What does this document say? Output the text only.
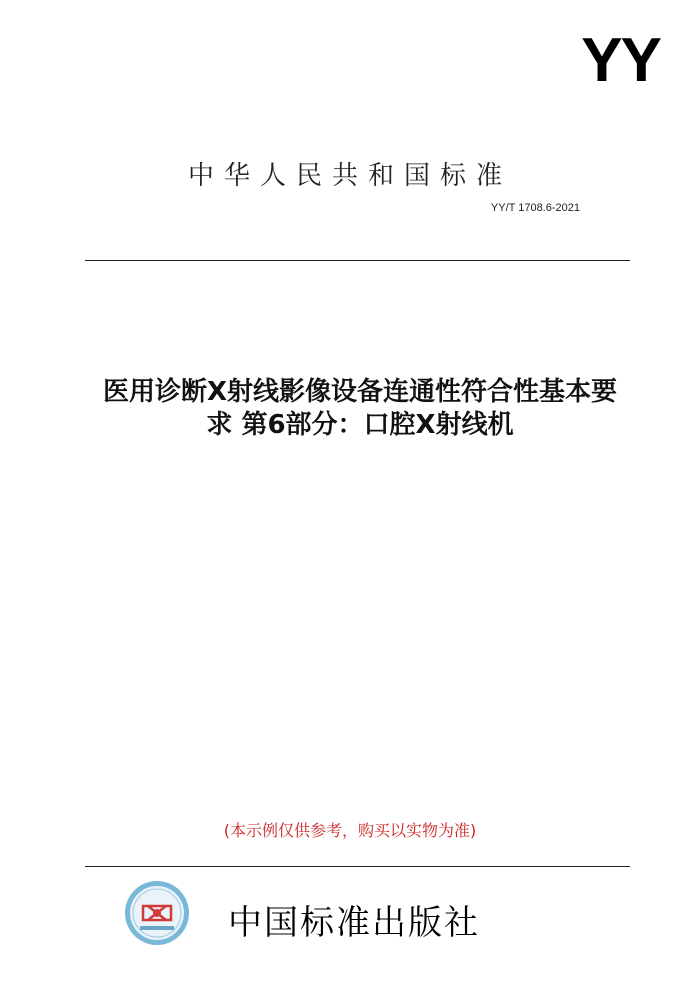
YY
中华人民共和国标准
YY/T 1708.6-2021
医用诊断X射线影像设备连通性符合性基本要
求 第6部分：口腔X射线机
(本示例仅供参考，购买以实物为准)
中国标准出版社
